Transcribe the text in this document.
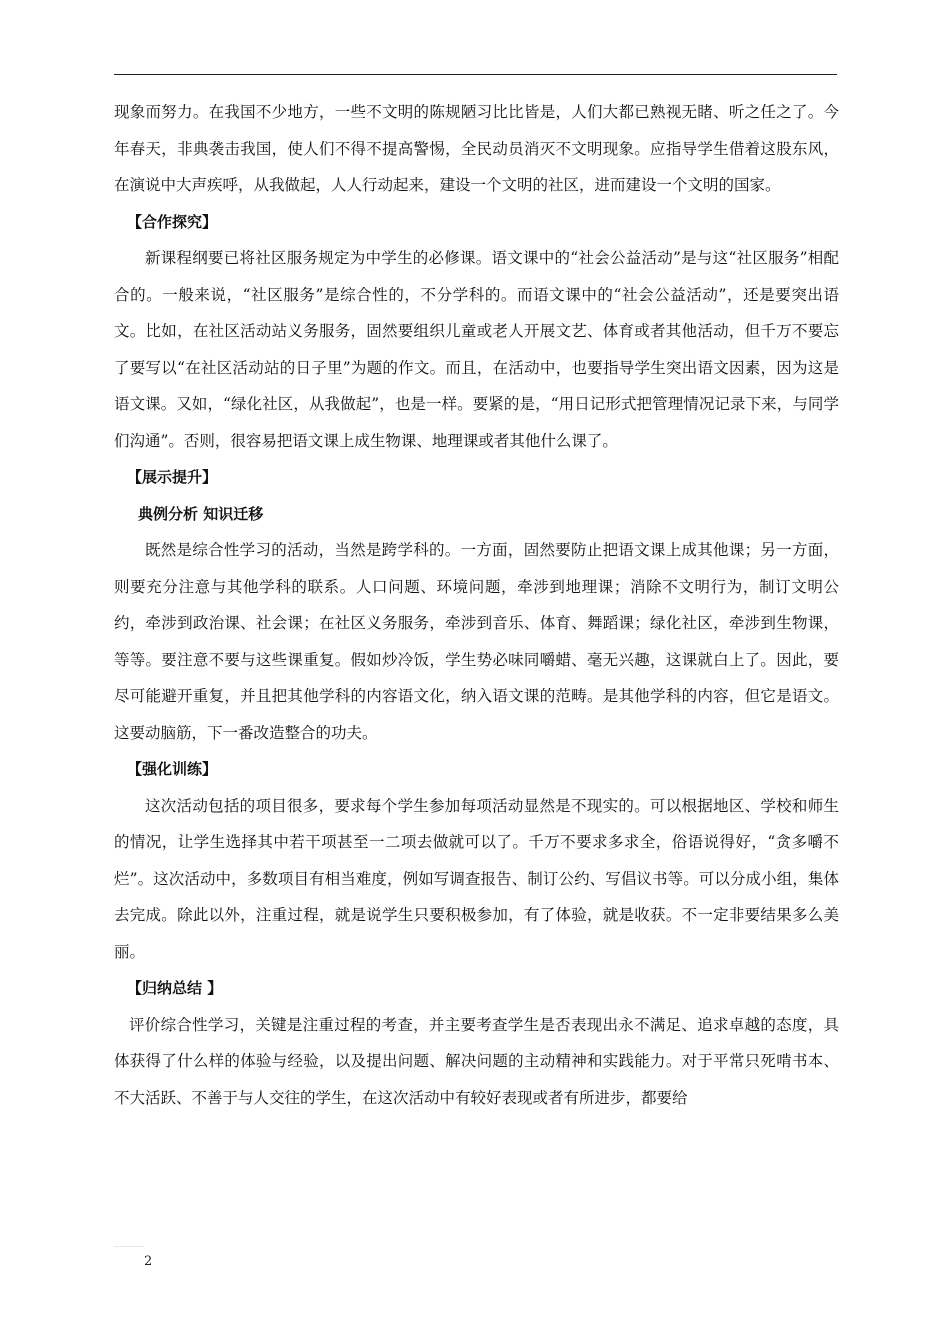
现象而努力。在我国不少地方，一些不文明的陈规陋习比比皆是，人们大都已熟视无睹、听之任之了。今年春天，非典袭击我国，使人们不得不提高警惕，全民动员消灭不文明现象。应指导学生借着这股东风，在演说中大声疾呼，从我做起，人人行动起来，建设一个文明的社区，进而建设一个文明的国家。

【合作探究】

新课程纲要已将社区服务规定为中学生的必修课。语文课中的“社会公益活动”是与这“社区服务”相配合的。一般来说，“社区服务”是综合性的，不分学科的。而语文课中的“社会公益活动”，还是要突出语文。比如，在社区活动站义务服务，固然要组织儿童或老人开展文艺、体育或者其他活动，但千万不要忘了要写以“在社区活动站的日子里”为题的作文。而且，在活动中，也要指导学生突出语文因素，因为这是语文课。又如，“绿化社区，从我做起”，也是一样。要紧的是，“用日记形式把管理情况记录下来，与同学们沟通”。否则，很容易把语文课上成生物课、地理课或者其他什么课了。

【展示提升】

典例分析 知识迁移

既然是综合性学习的活动，当然是跨学科的。一方面，固然要防止把语文课上成其他课；另一方面，则要充分注意与其他学科的联系。人口问题、环境问题，牵涉到地理课；消除不文明行为，制订文明公约，牵涉到政治课、社会课；在社区义务服务，牵涉到音乐、体育、舞蹈课；绿化社区，牵涉到生物课，等等。要注意不要与这些课重复。假如炒冷饭，学生势必味同嚼蜡、毫无兴趣，这课就白上了。因此，要尽可能避开重复，并且把其他学科的内容语文化，纳入语文课的范畴。是其他学科的内容，但它是语文。这要动脑筋，下一番改造整合的功夫。

【强化训练】

这次活动包括的项目很多，要求每个学生参加每项活动显然是不现实的。可以根据地区、学校和师生的情况，让学生选择其中若干项甚至一二项去做就可以了。千万不要求多求全，俗语说得好，“贪多嚼不烂”。这次活动中，多数项目有相当难度，例如写调查报告、制订公约、写倡议书等。可以分成小组，集体去完成。除此以外，注重过程，就是说学生只要积极参加，有了体验，就是收获。不一定非要结果多么美丽。

【归纳总结 】

评价综合性学习，关键是注重过程的考查，并主要考查学生是否表现出永不满足、追求卓越的态度，具体获得了什么样的体验与经验，以及提出问题、解决问题的主动精神和实践能力。对于平常只死啃书本、不大活跃、不善于与人交往的学生，在这次活动中有较好表现或者有所进步，都要给

2
